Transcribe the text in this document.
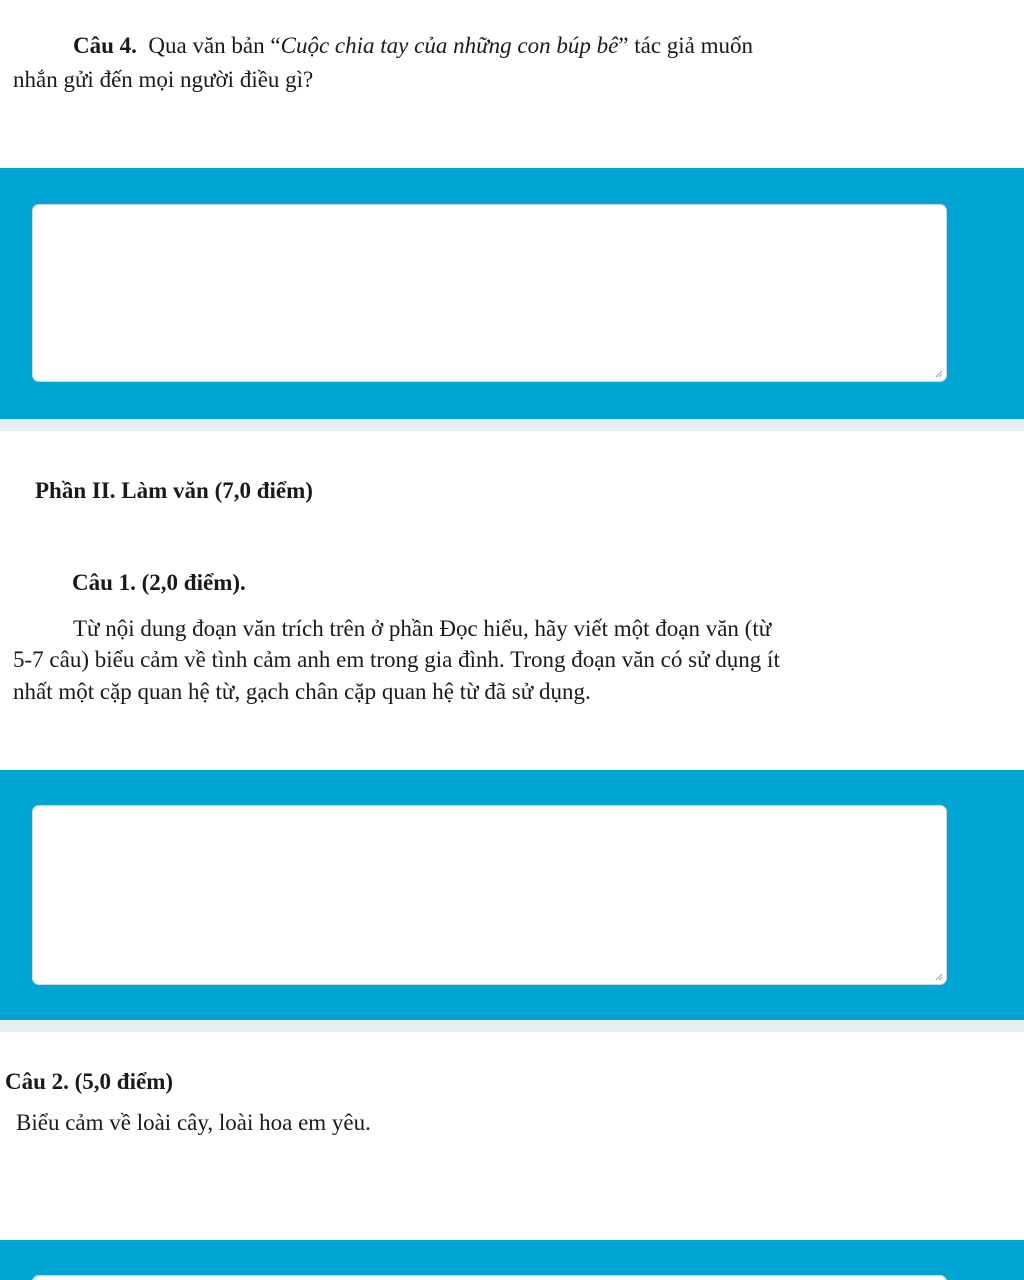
Câu 4. Qua văn bản “Cuộc chia tay của những con búp bê” tác giả muốn

nhắn gửi đến mọi người điều gì?

Phần II. Làm văn (7,0 điểm)

Câu 1. (2,0 điểm).

Từ nội dung đoạn văn trích trên ở phần Đọc hiểu, hãy viết một đoạn văn (từ

5-7 câu) biểu cảm về tình cảm anh em trong gia đình. Trong đoạn văn có sử dụng ít

nhất một cặp quan hệ từ, gạch chân cặp quan hệ từ đã sử dụng.

Câu 2. (5,0 điểm)

Biểu cảm về loài cây, loài hoa em yêu.
